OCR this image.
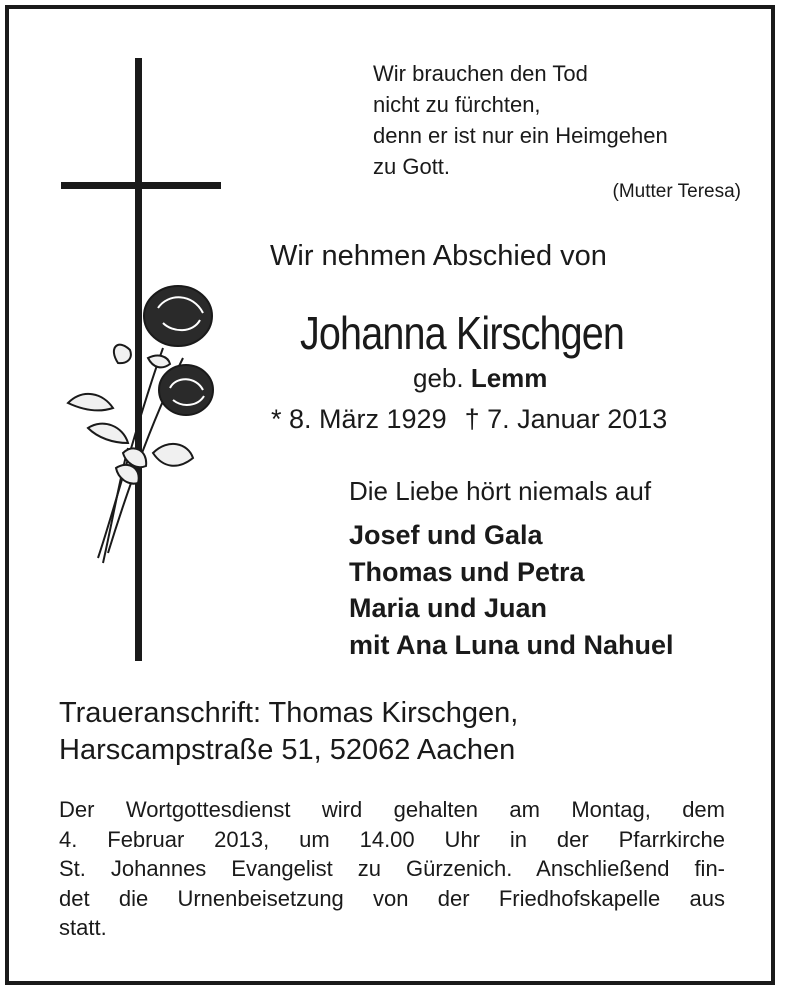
Wir brauchen den Tod
nicht zu fürchten,
denn er ist nur ein Heimgehen
zu Gott.
(Mutter Teresa)
Wir nehmen Abschied von
Johanna Kirschgen
geb. Lemm
* 8. März 1929 † 7. Januar 2013
Die Liebe hört niemals auf
Josef und Gala
Thomas und Petra
Maria und Juan
mit Ana Luna und Nahuel
Traueranschrift: Thomas Kirschgen,
Harscampstraße 51, 52062 Aachen
Der Wortgottesdienst wird gehalten am Montag, dem
4. Februar 2013, um 14.00 Uhr in der Pfarrkirche
St. Johannes Evangelist zu Gürzenich. Anschließend fin-
det die Urnenbeisetzung von der Friedhofskapelle aus
statt.
